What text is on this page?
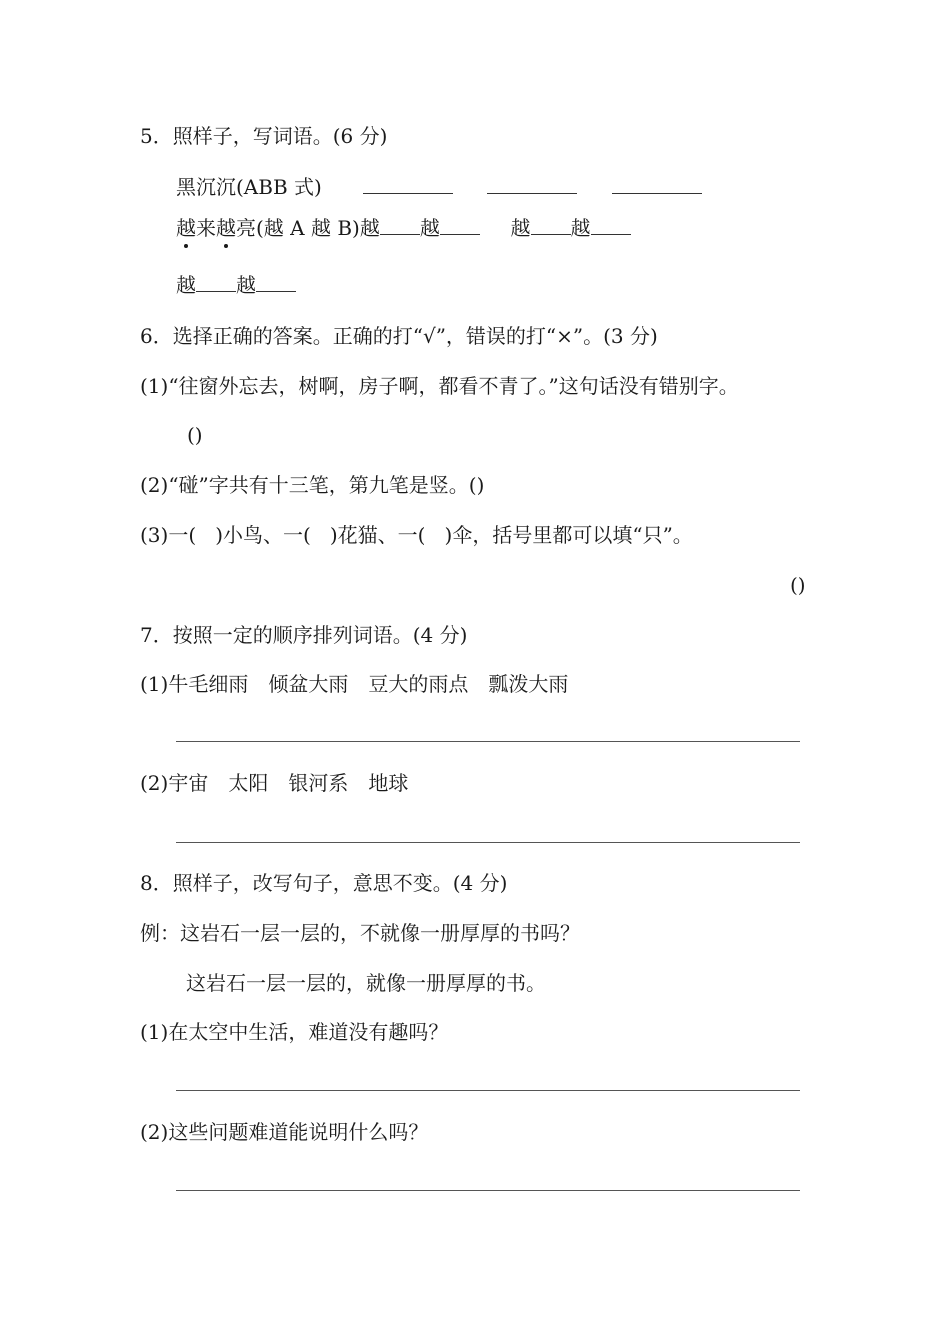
5．照样子，写词语。(6 分)
黑沉沉(ABB 式)
越来越亮(越 A 越 B)越 越	越 越
越 越
6．选择正确的答案。正确的打“√”，错误的打“×”。(3 分)
(1)“往窗外忘去，树啊，房子啊，都看不青了。”这句话没有错别字。
()
(2)“碰”字共有十三笔，第九笔是竖。()
(3)一(   )小鸟、一(   )花猫、一(   )伞，括号里都可以填“只”。
()
7．按照一定的顺序排列词语。(4 分)
(1)牛毛细雨　倾盆大雨　豆大的雨点　瓢泼大雨
(2)宇宙　太阳　银河系　地球
8．照样子，改写句子，意思不变。(4 分)
例：这岩石一层一层的，不就像一册厚厚的书吗？
这岩石一层一层的，就像一册厚厚的书。
(1)在太空中生活，难道没有趣吗？
(2)这些问题难道能说明什么吗？
